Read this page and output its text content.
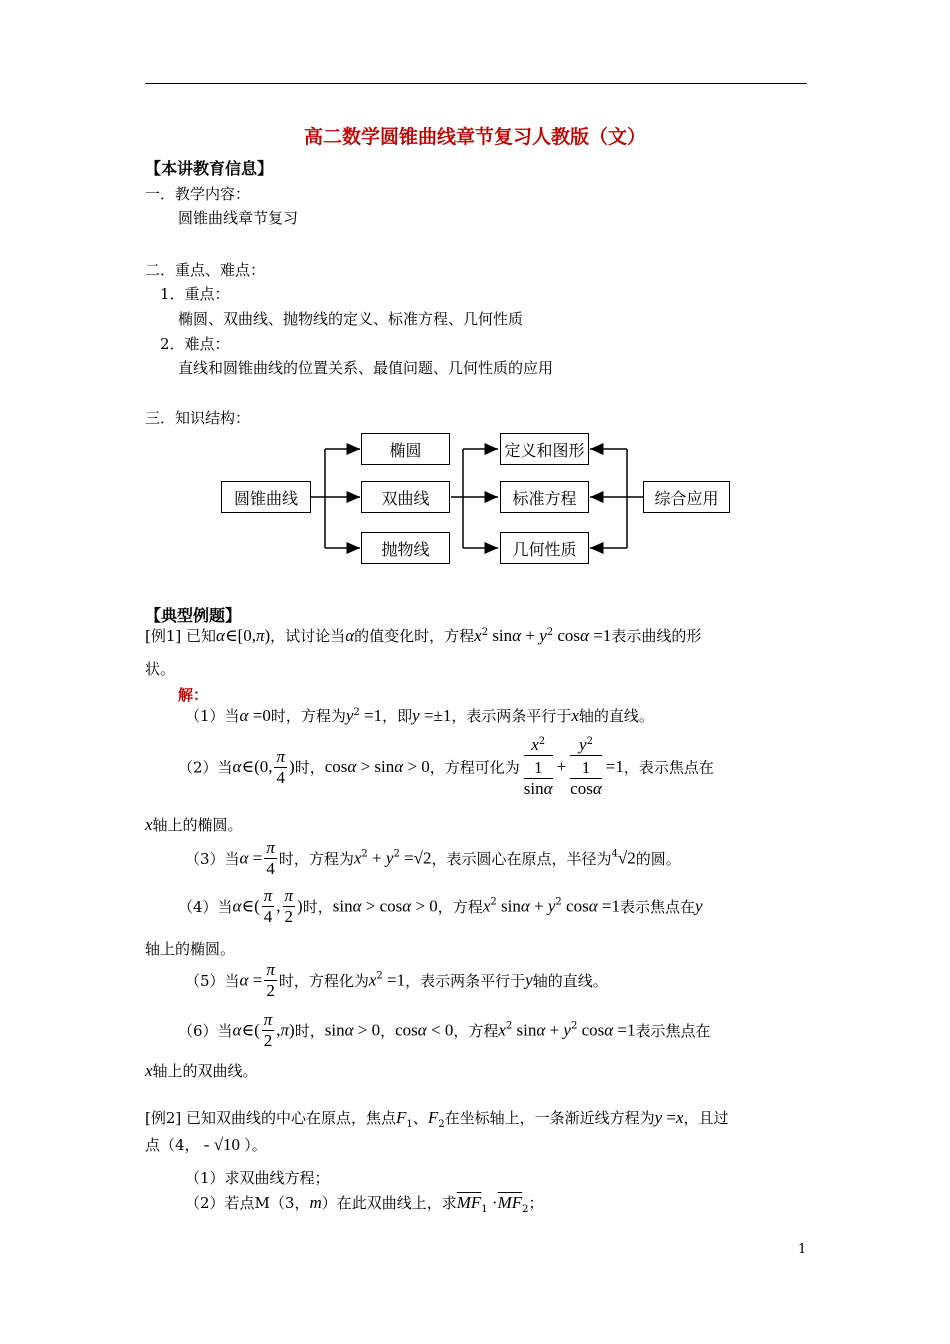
高二数学圆锥曲线章节复习人教版（文）
【本讲教育信息】
一．教学内容：
圆锥曲线章节复习
二．重点、难点：
1．重点：
椭圆、双曲线、抛物线的定义、标准方程、几何性质
2．难点：
直线和圆锥曲线的位置关系、最值问题、几何性质的应用
三．知识结构：
圆锥曲线
椭圆
双曲线
抛物线
定义和图形
标准方程
几何性质
综合应用
【典型例题】
[例1] 已知α∈[0,π)，试讨论当α的值变化时，方程$x^2$ $\sin\alpha + y^2$ cosα =1表示曲线的形
状。
解：
（1）当α =0时，方程为$y^2 =1$，即y =±1，表示两条平行于x轴的直线。
（2）当α∈(0, $\frac{\pi}{4}$ )时，cosα > sinα > 0，方程可化为
$x^2$
1
sinα
+
$y^2$
1
cosα
=1，表示焦点在
x轴上的椭圆。
（3）当$\alpha = \frac{\pi}{4}$ 时，方程为$x^2 + y^2 =√2$，表示圆心在原点，半径为$^4$√2的圆。
（4）当α∈( $\frac{\pi}{4}$ , $\frac{\pi}{2}$ )时，sinα > cosα > 0，方程$x^2$ $\sin\alpha + y^2$ cosα =1表示焦点在y
轴上的椭圆。
（5）当$\alpha = \frac{\pi}{2}$ 时，方程化为$x^2 =1$，表示两条平行于y轴的直线。
（6）当α∈( $\frac{\pi}{2} ,\pi$)时，sinα > 0，cosα < 0，方程$x^2$ $\sin\alpha + y^2$ cosα =1表示焦点在
x轴上的双曲线。
[例2] 已知双曲线的中心在原点，焦点$F_1$、$F_2$在坐标轴上，一条渐近线方程为y =x，且过
点（4， - √10 ）。
（1）求双曲线方程；
（2）若点M（3，m）在此双曲线上，求$\overline{MF}_1 \cdot\overline{MF}_2$；
1
